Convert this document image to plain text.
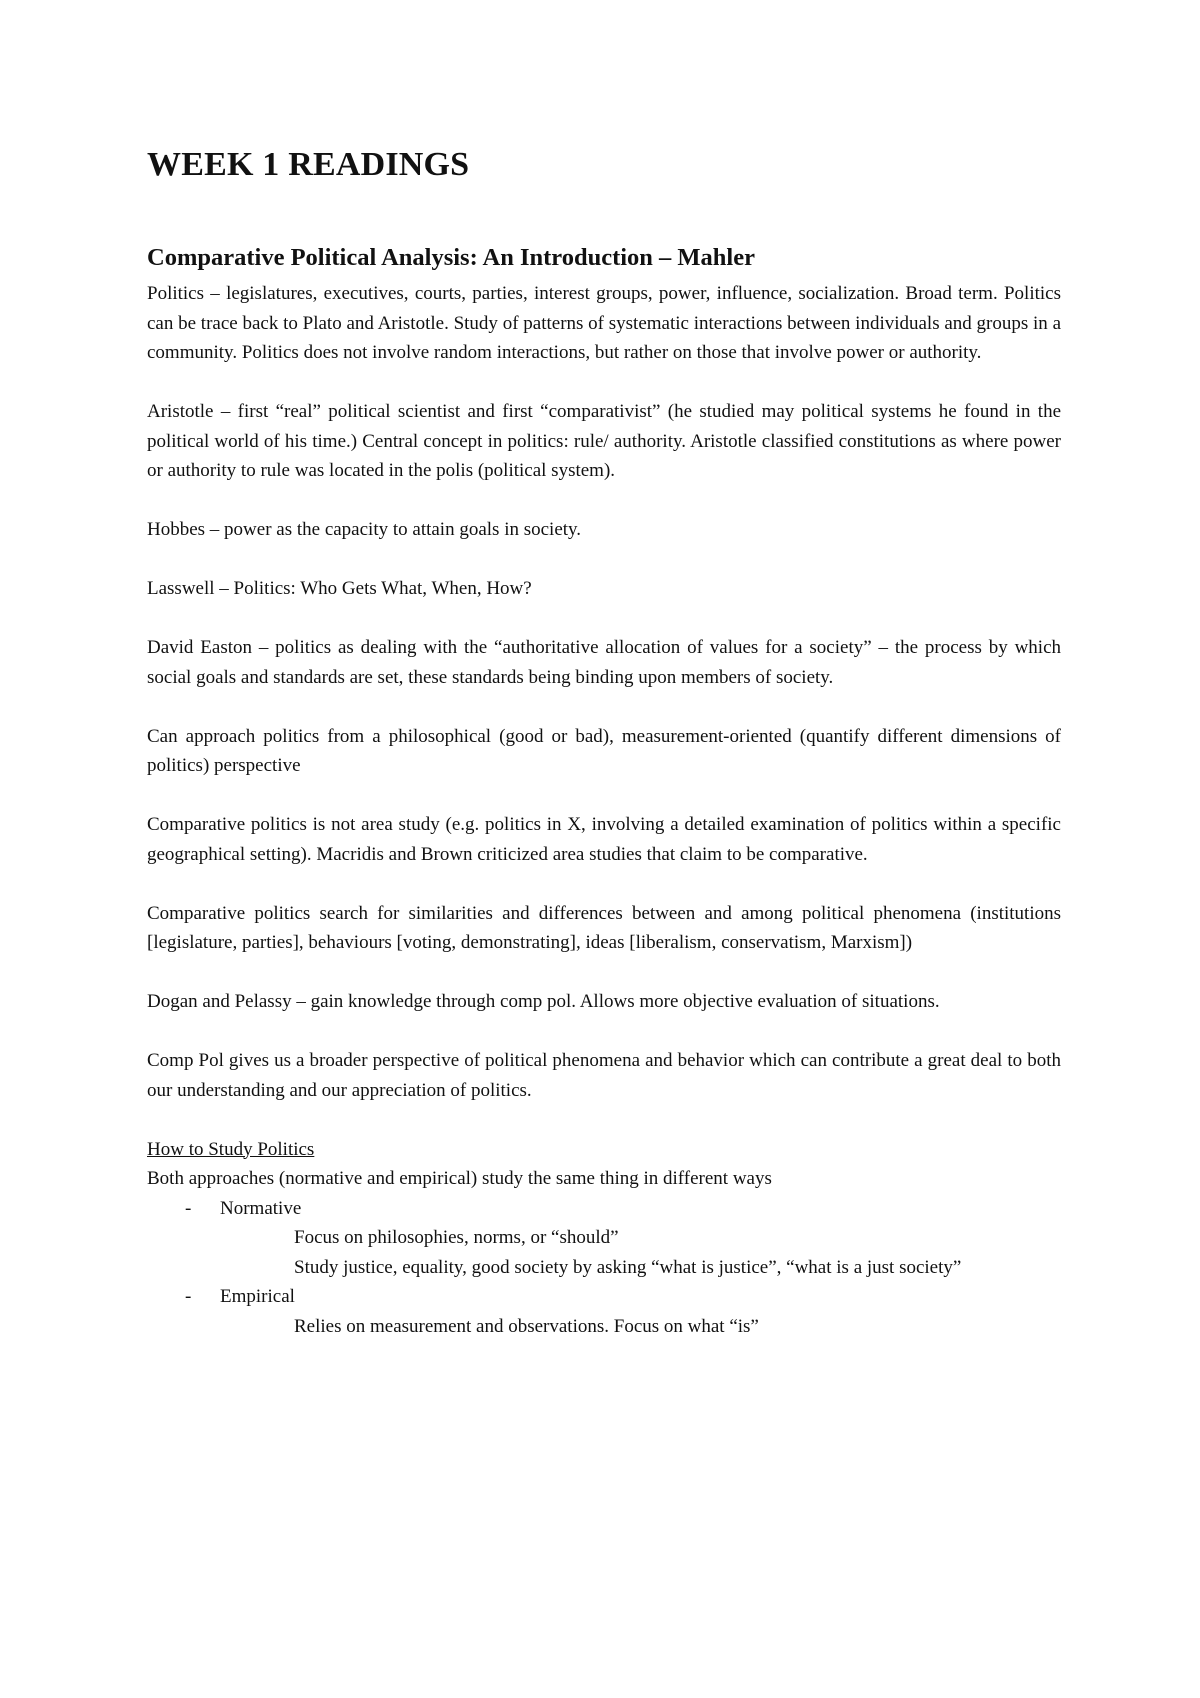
WEEK 1 READINGS
Comparative Political Analysis: An Introduction – Mahler

Politics – legislatures, executives, courts, parties, interest groups, power, influence, socialization. Broad term. Politics can be trace back to Plato and Aristotle. Study of patterns of systematic interactions between individuals and groups in a community. Politics does not involve random interactions, but rather on those that involve power or authority.

Aristotle – first “real” political scientist and first “comparativist” (he studied may political systems he found in the political world of his time.) Central concept in politics: rule/ authority. Aristotle classified constitutions as where power or authority to rule was located in the polis (political system).

Hobbes – power as the capacity to attain goals in society.

Lasswell – Politics: Who Gets What, When, How?

David Easton – politics as dealing with the “authoritative allocation of values for a society” – the process by which social goals and standards are set, these standards being binding upon members of society.

Can approach politics from a philosophical (good or bad), measurement-oriented (quantify different dimensions of politics) perspective

Comparative politics is not area study (e.g. politics in X, involving a detailed examination of politics within a specific geographical setting). Macridis and Brown criticized area studies that claim to be comparative.

Comparative politics search for similarities and differences between and among political phenomena (institutions [legislature, parties], behaviours [voting, demonstrating], ideas [liberalism, conservatism, Marxism])

Dogan and Pelassy – gain knowledge through comp pol. Allows more objective evaluation of situations.

Comp Pol gives us a broader perspective of political phenomena and behavior which can contribute a great deal to both our understanding and our appreciation of politics.

How to Study Politics

Both approaches (normative and empirical) study the same thing in different ways

- Normative
Focus on philosophies, norms, or “should”
Study justice, equality, good society by asking “what is justice”, “what is a just society”
- Empirical
Relies on measurement and observations. Focus on what “is”
